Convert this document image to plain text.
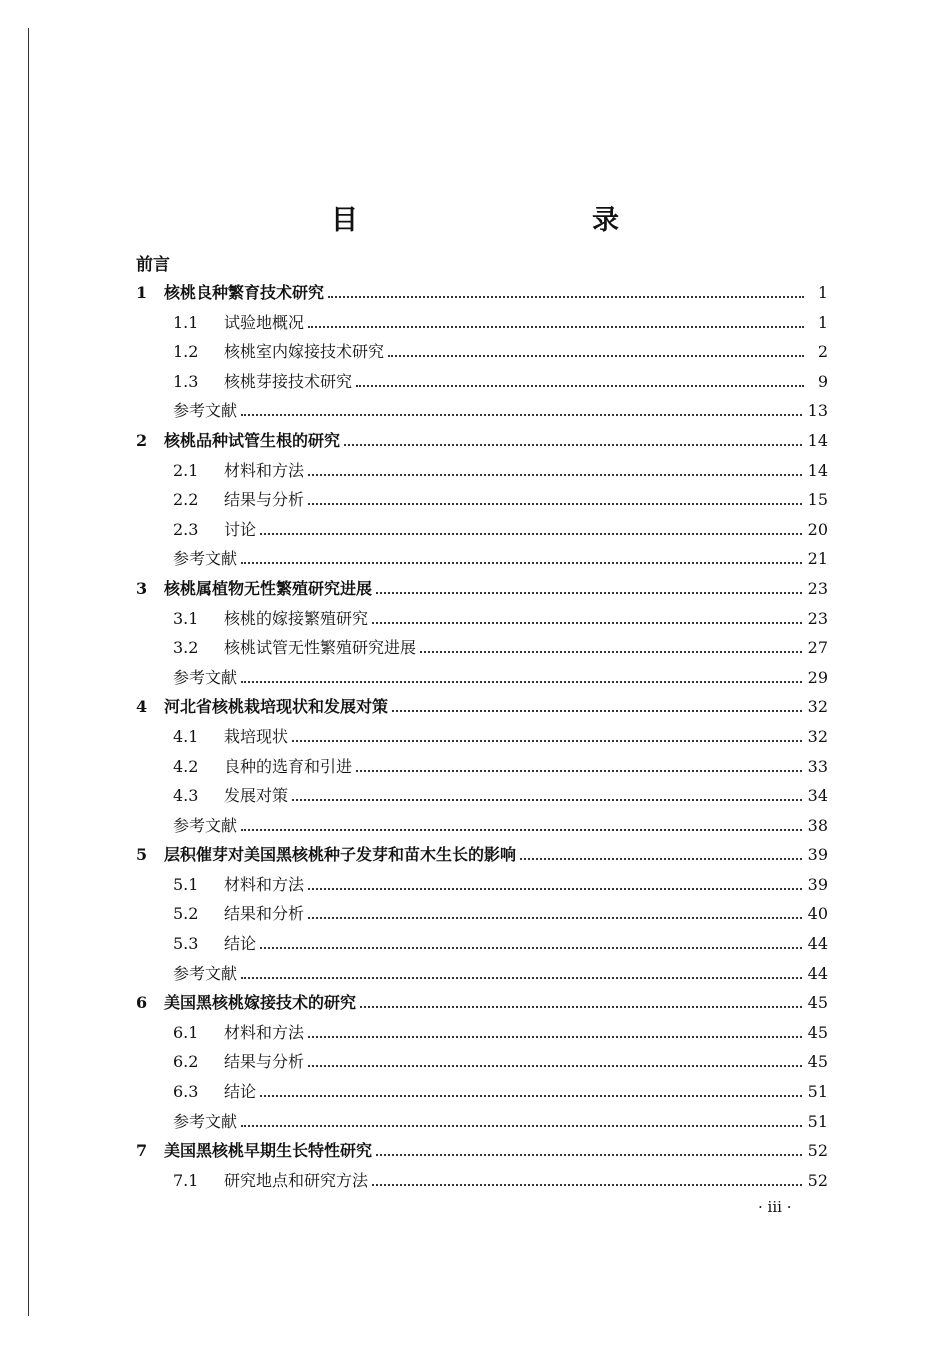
目　　录

前言

1	核桃良种繁育技术研究	1
1.1	试验地概况	1
1.2	核桃室内嫁接技术研究	2
1.3	核桃芽接技术研究	9
参考文献	13
2	核桃品种试管生根的研究	14
2.1	材料和方法	14
2.2	结果与分析	15
2.3	讨论	20
参考文献	21
3	核桃属植物无性繁殖研究进展	23
3.1	核桃的嫁接繁殖研究	23
3.2	核桃试管无性繁殖研究进展	27
参考文献	29
4	河北省核桃栽培现状和发展对策	32
4.1	栽培现状	32
4.2	良种的选育和引进	33
4.3	发展对策	34
参考文献	38
5	层积催芽对美国黑核桃种子发芽和苗木生长的影响	39
5.1	材料和方法	39
5.2	结果和分析	40
5.3	结论	44
参考文献	44
6	美国黑核桃嫁接技术的研究	45
6.1	材料和方法	45
6.2	结果与分析	45
6.3	结论	51
参考文献	51
7	美国黑核桃早期生长特性研究	52
7.1	研究地点和研究方法	52

· iii ·
